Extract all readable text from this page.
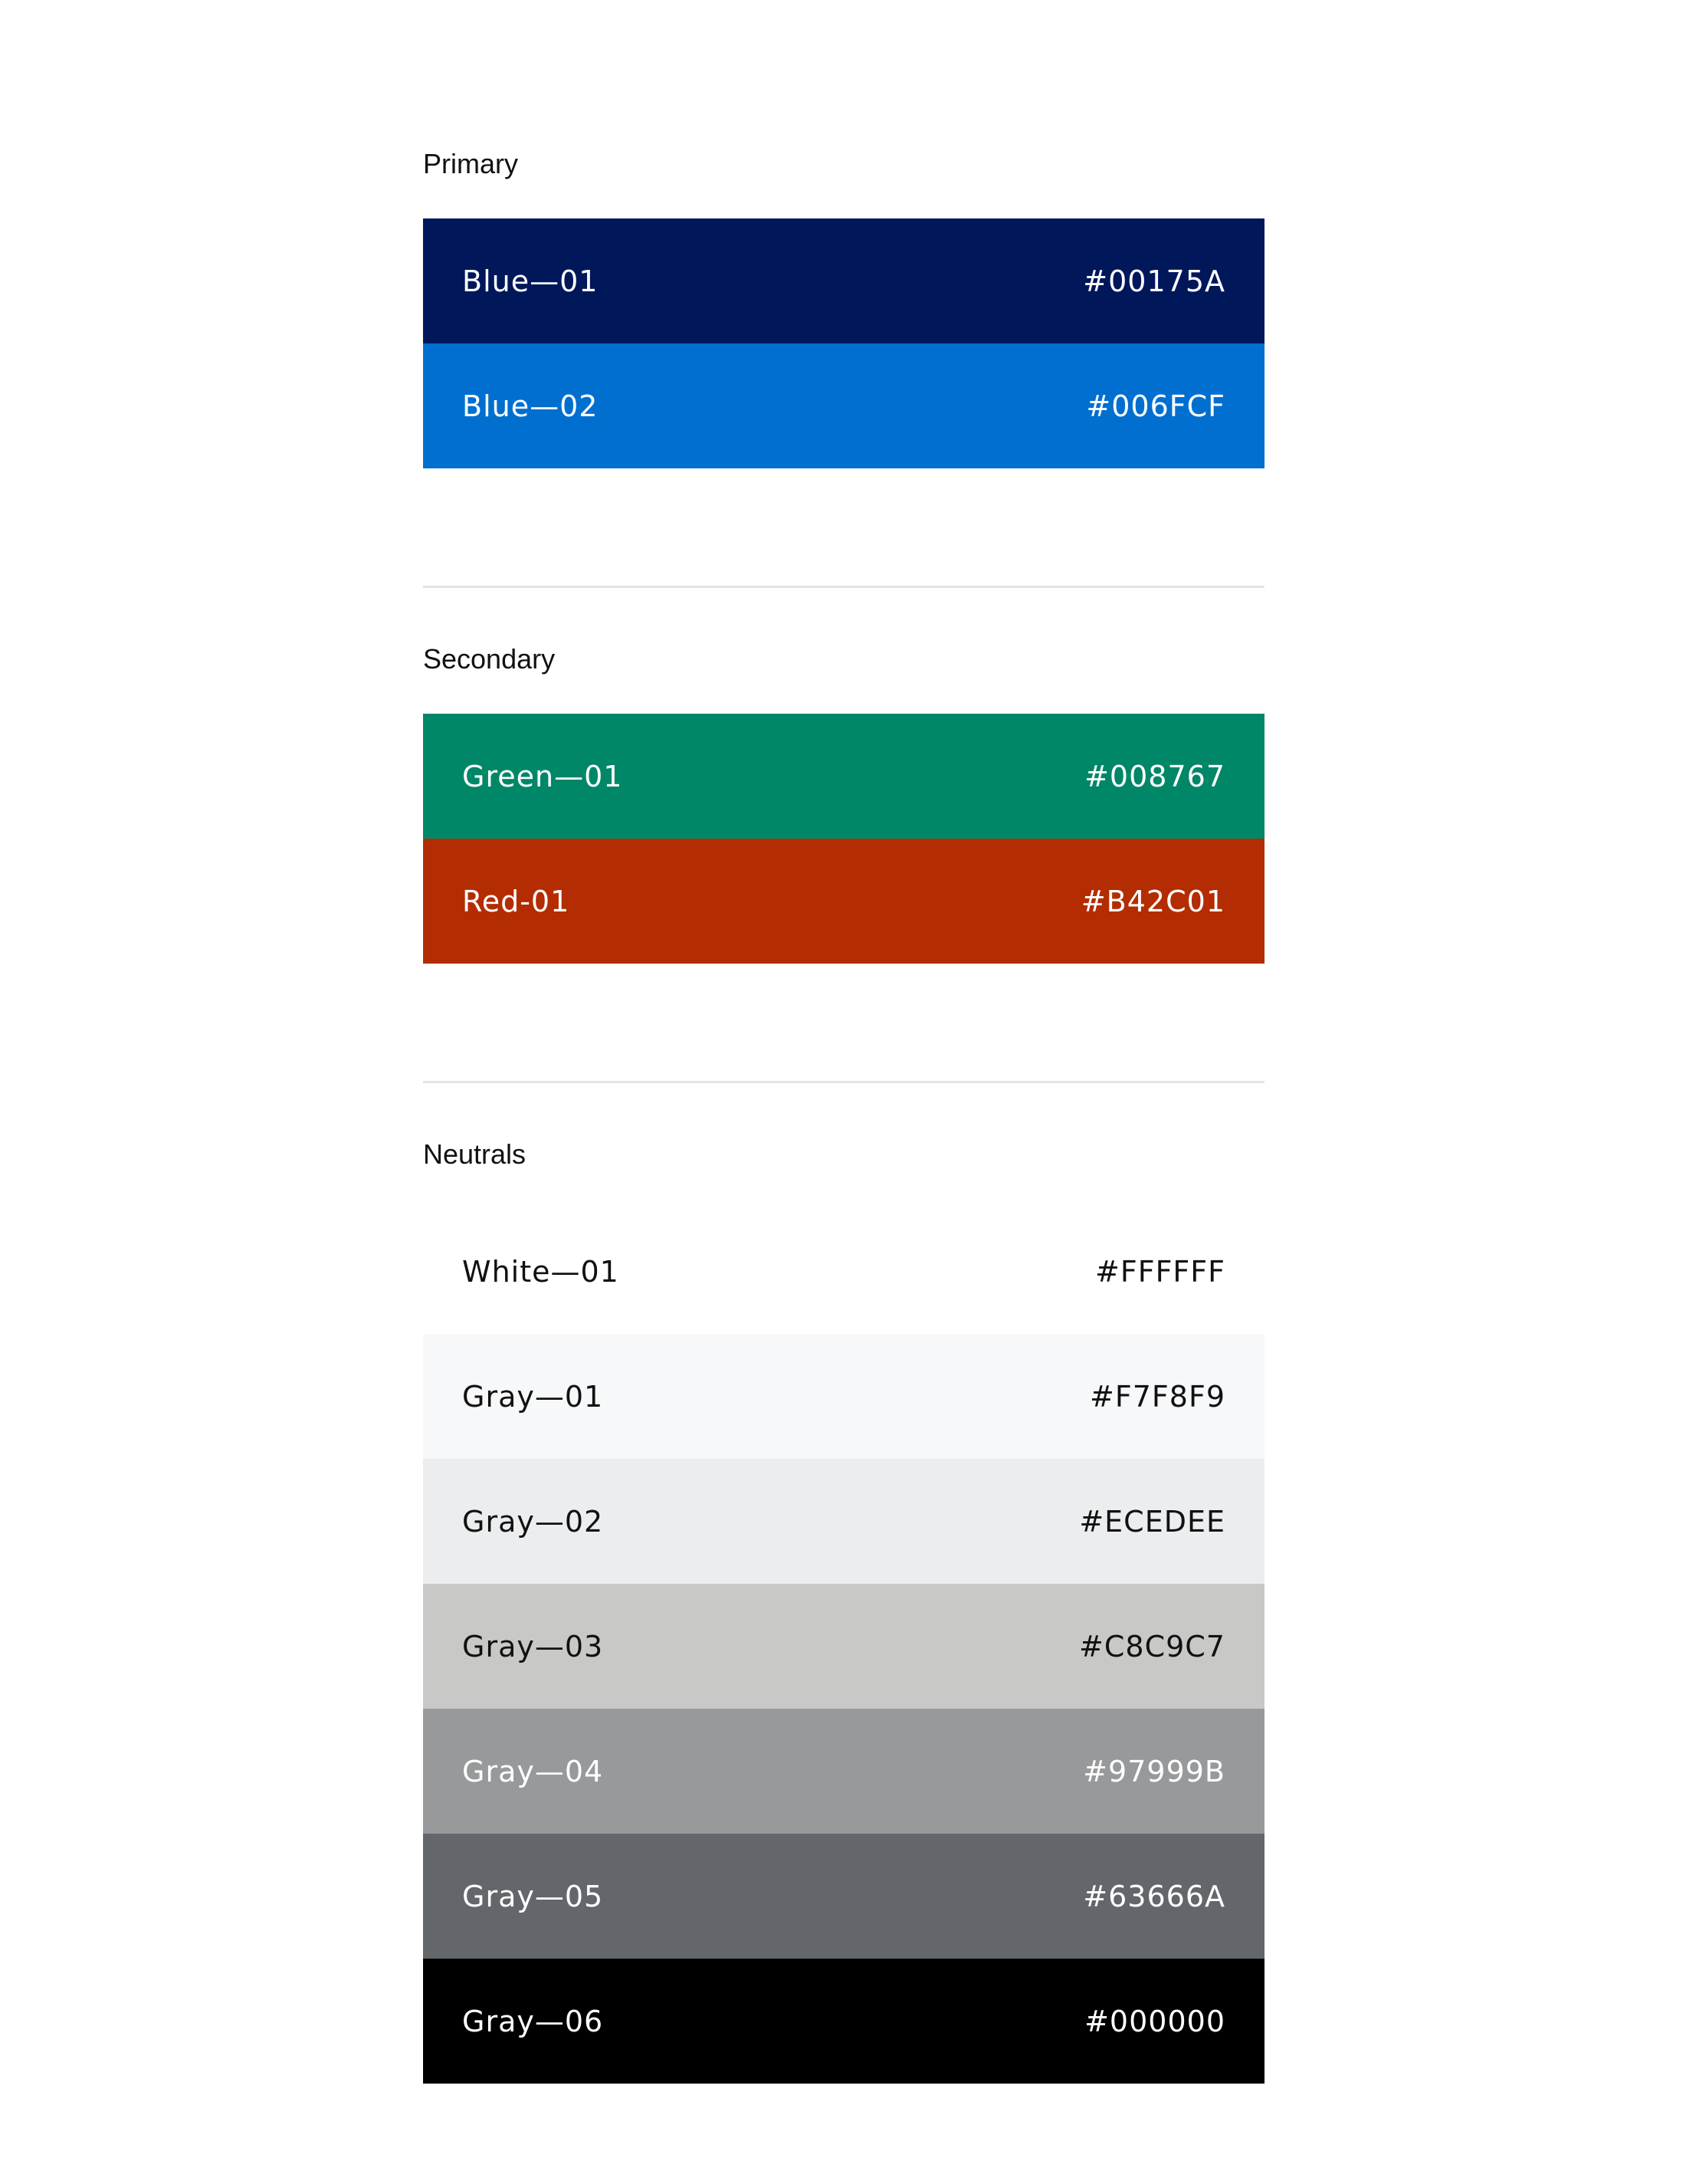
Primary
Blue—01	#00175A
Blue—02	#006FCF
Secondary
Green—01	#008767
Red-01	#B42C01
Neutrals
White—01	#FFFFFF
Gray—01	#F7F8F9
Gray—02	#ECEDEE
Gray—03	#C8C9C7
Gray—04	#97999B
Gray—05	#63666A
Gray—06	#000000
